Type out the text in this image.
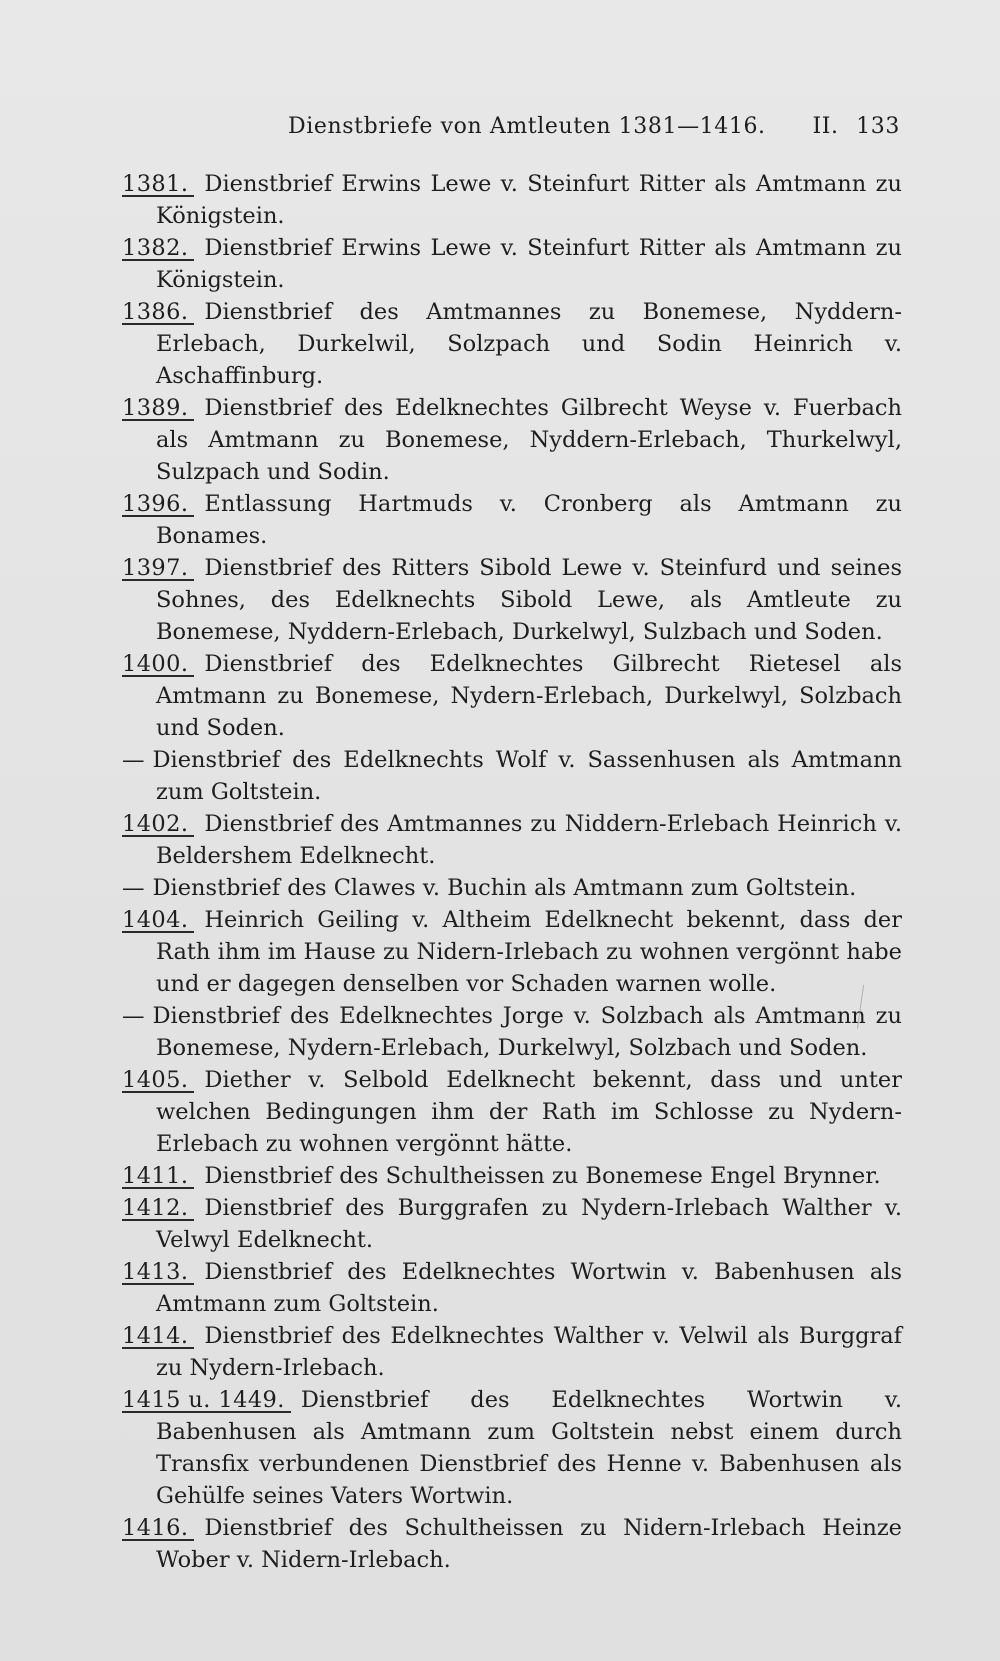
Dienstbriefe von Amtleuten 1381—1416. II. 133

1381. Dienstbrief Erwins Lewe v. Steinfurt Ritter als Amtmann zu Königstein.

1382. Dienstbrief Erwins Lewe v. Steinfurt Ritter als Amtmann zu Königstein.

1386. Dienstbrief des Amtmannes zu Bonemese, Nyddern-Erlebach, Durkelwil, Solzpach und Sodin Heinrich v. Aschaffinburg.

1389. Dienstbrief des Edelknechtes Gilbrecht Weyse v. Fuerbach als Amtmann zu Bonemese, Nyddern-Erlebach, Thurkelwyl, Sulzpach und Sodin.

1396. Entlassung Hartmuds v. Cronberg als Amtmann zu Bonames.

1397. Dienstbrief des Ritters Sibold Lewe v. Steinfurd und seines Sohnes, des Edelknechts Sibold Lewe, als Amtleute zu Bonemese, Nyddern-Erlebach, Durkelwyl, Sulzbach und Soden.

1400. Dienstbrief des Edelknechtes Gilbrecht Rietesel als Amtmann zu Bonemese, Nydern-Erlebach, Durkelwyl, Solzbach und Soden.

— Dienstbrief des Edelknechts Wolf v. Sassenhusen als Amtmann zum Goltstein.

1402. Dienstbrief des Amtmannes zu Niddern-Erlebach Heinrich v. Beldershem Edelknecht.

— Dienstbrief des Clawes v. Buchin als Amtmann zum Goltstein.

1404. Heinrich Geiling v. Altheim Edelknecht bekennt, dass der Rath ihm im Hause zu Nidern-Irlebach zu wohnen vergönnt habe und er dagegen denselben vor Schaden warnen wolle.

— Dienstbrief des Edelknechtes Jorge v. Solzbach als Amtmann zu Bonemese, Nydern-Erlebach, Durkelwyl, Solzbach und Soden.

1405. Diether v. Selbold Edelknecht bekennt, dass und unter welchen Bedingungen ihm der Rath im Schlosse zu Nydern-Erlebach zu wohnen vergönnt hätte.

1411. Dienstbrief des Schultheissen zu Bonemese Engel Brynner.

1412. Dienstbrief des Burggrafen zu Nydern-Irlebach Walther v. Velwyl Edelknecht.

1413. Dienstbrief des Edelknechtes Wortwin v. Babenhusen als Amtmann zum Goltstein.

1414. Dienstbrief des Edelknechtes Walther v. Velwil als Burggraf zu Nydern-Irlebach.

1415 u. 1449. Dienstbrief des Edelknechtes Wortwin v. Babenhusen als Amtmann zum Goltstein nebst einem durch Transfix verbundenen Dienstbrief des Henne v. Babenhusen als Gehülfe seines Vaters Wortwin.

1416. Dienstbrief des Schultheissen zu Nidern-Irlebach Heinze Wober v. Nidern-Irlebach.
